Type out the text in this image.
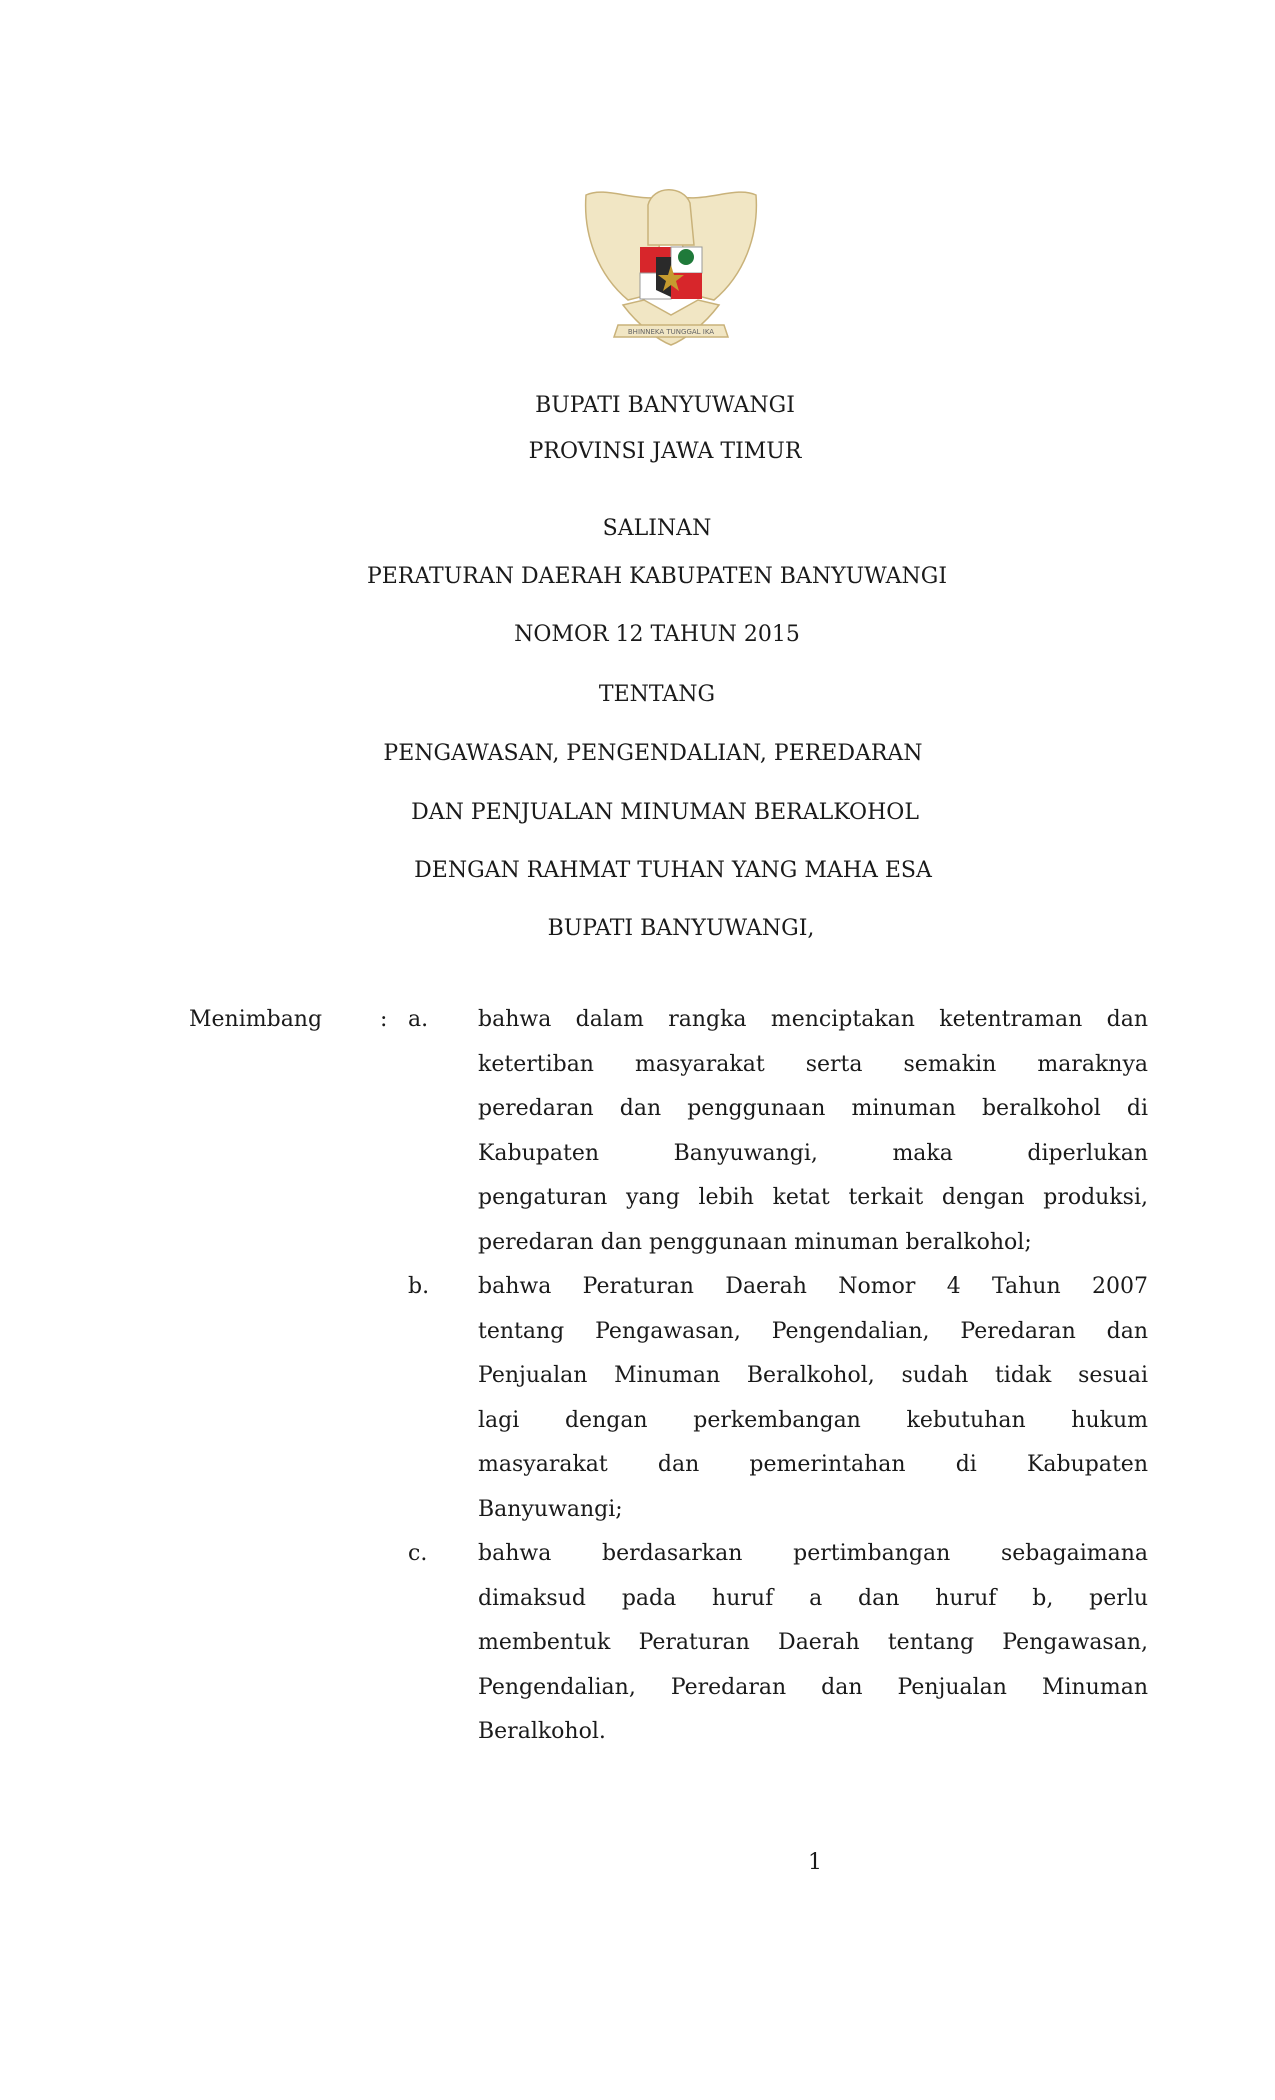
BHINNEKA TUNGGAL IKA
BUPATI BANYUWANGI
PROVINSI JAWA TIMUR
SALINAN
PERATURAN DAERAH KABUPATEN BANYUWANGI
NOMOR 12 TAHUN 2015
TENTANG
PENGAWASAN, PENGENDALIAN, PEREDARAN
DAN PENJUALAN MINUMAN BERALKOHOL
DENGAN RAHMAT TUHAN YANG MAHA ESA
BUPATI BANYUWANGI,
Menimbang	: a. bahwa dalam rangka menciptakan ketentraman dan
ketertiban masyarakat serta semakin maraknya
peredaran dan penggunaan minuman beralkohol di
Kabupaten Banyuwangi, maka diperlukan
pengaturan yang lebih ketat terkait dengan produksi,
peredaran dan penggunaan minuman beralkohol;
b. bahwa Peraturan Daerah Nomor 4 Tahun 2007
tentang Pengawasan, Pengendalian, Peredaran dan
Penjualan Minuman Beralkohol, sudah tidak sesuai
lagi dengan perkembangan kebutuhan hukum
masyarakat dan pemerintahan di Kabupaten
Banyuwangi;
c. bahwa berdasarkan pertimbangan sebagaimana
dimaksud pada huruf a dan huruf b, perlu
membentuk Peraturan Daerah tentang Pengawasan,
Pengendalian, Peredaran dan Penjualan Minuman
Beralkohol.
1
